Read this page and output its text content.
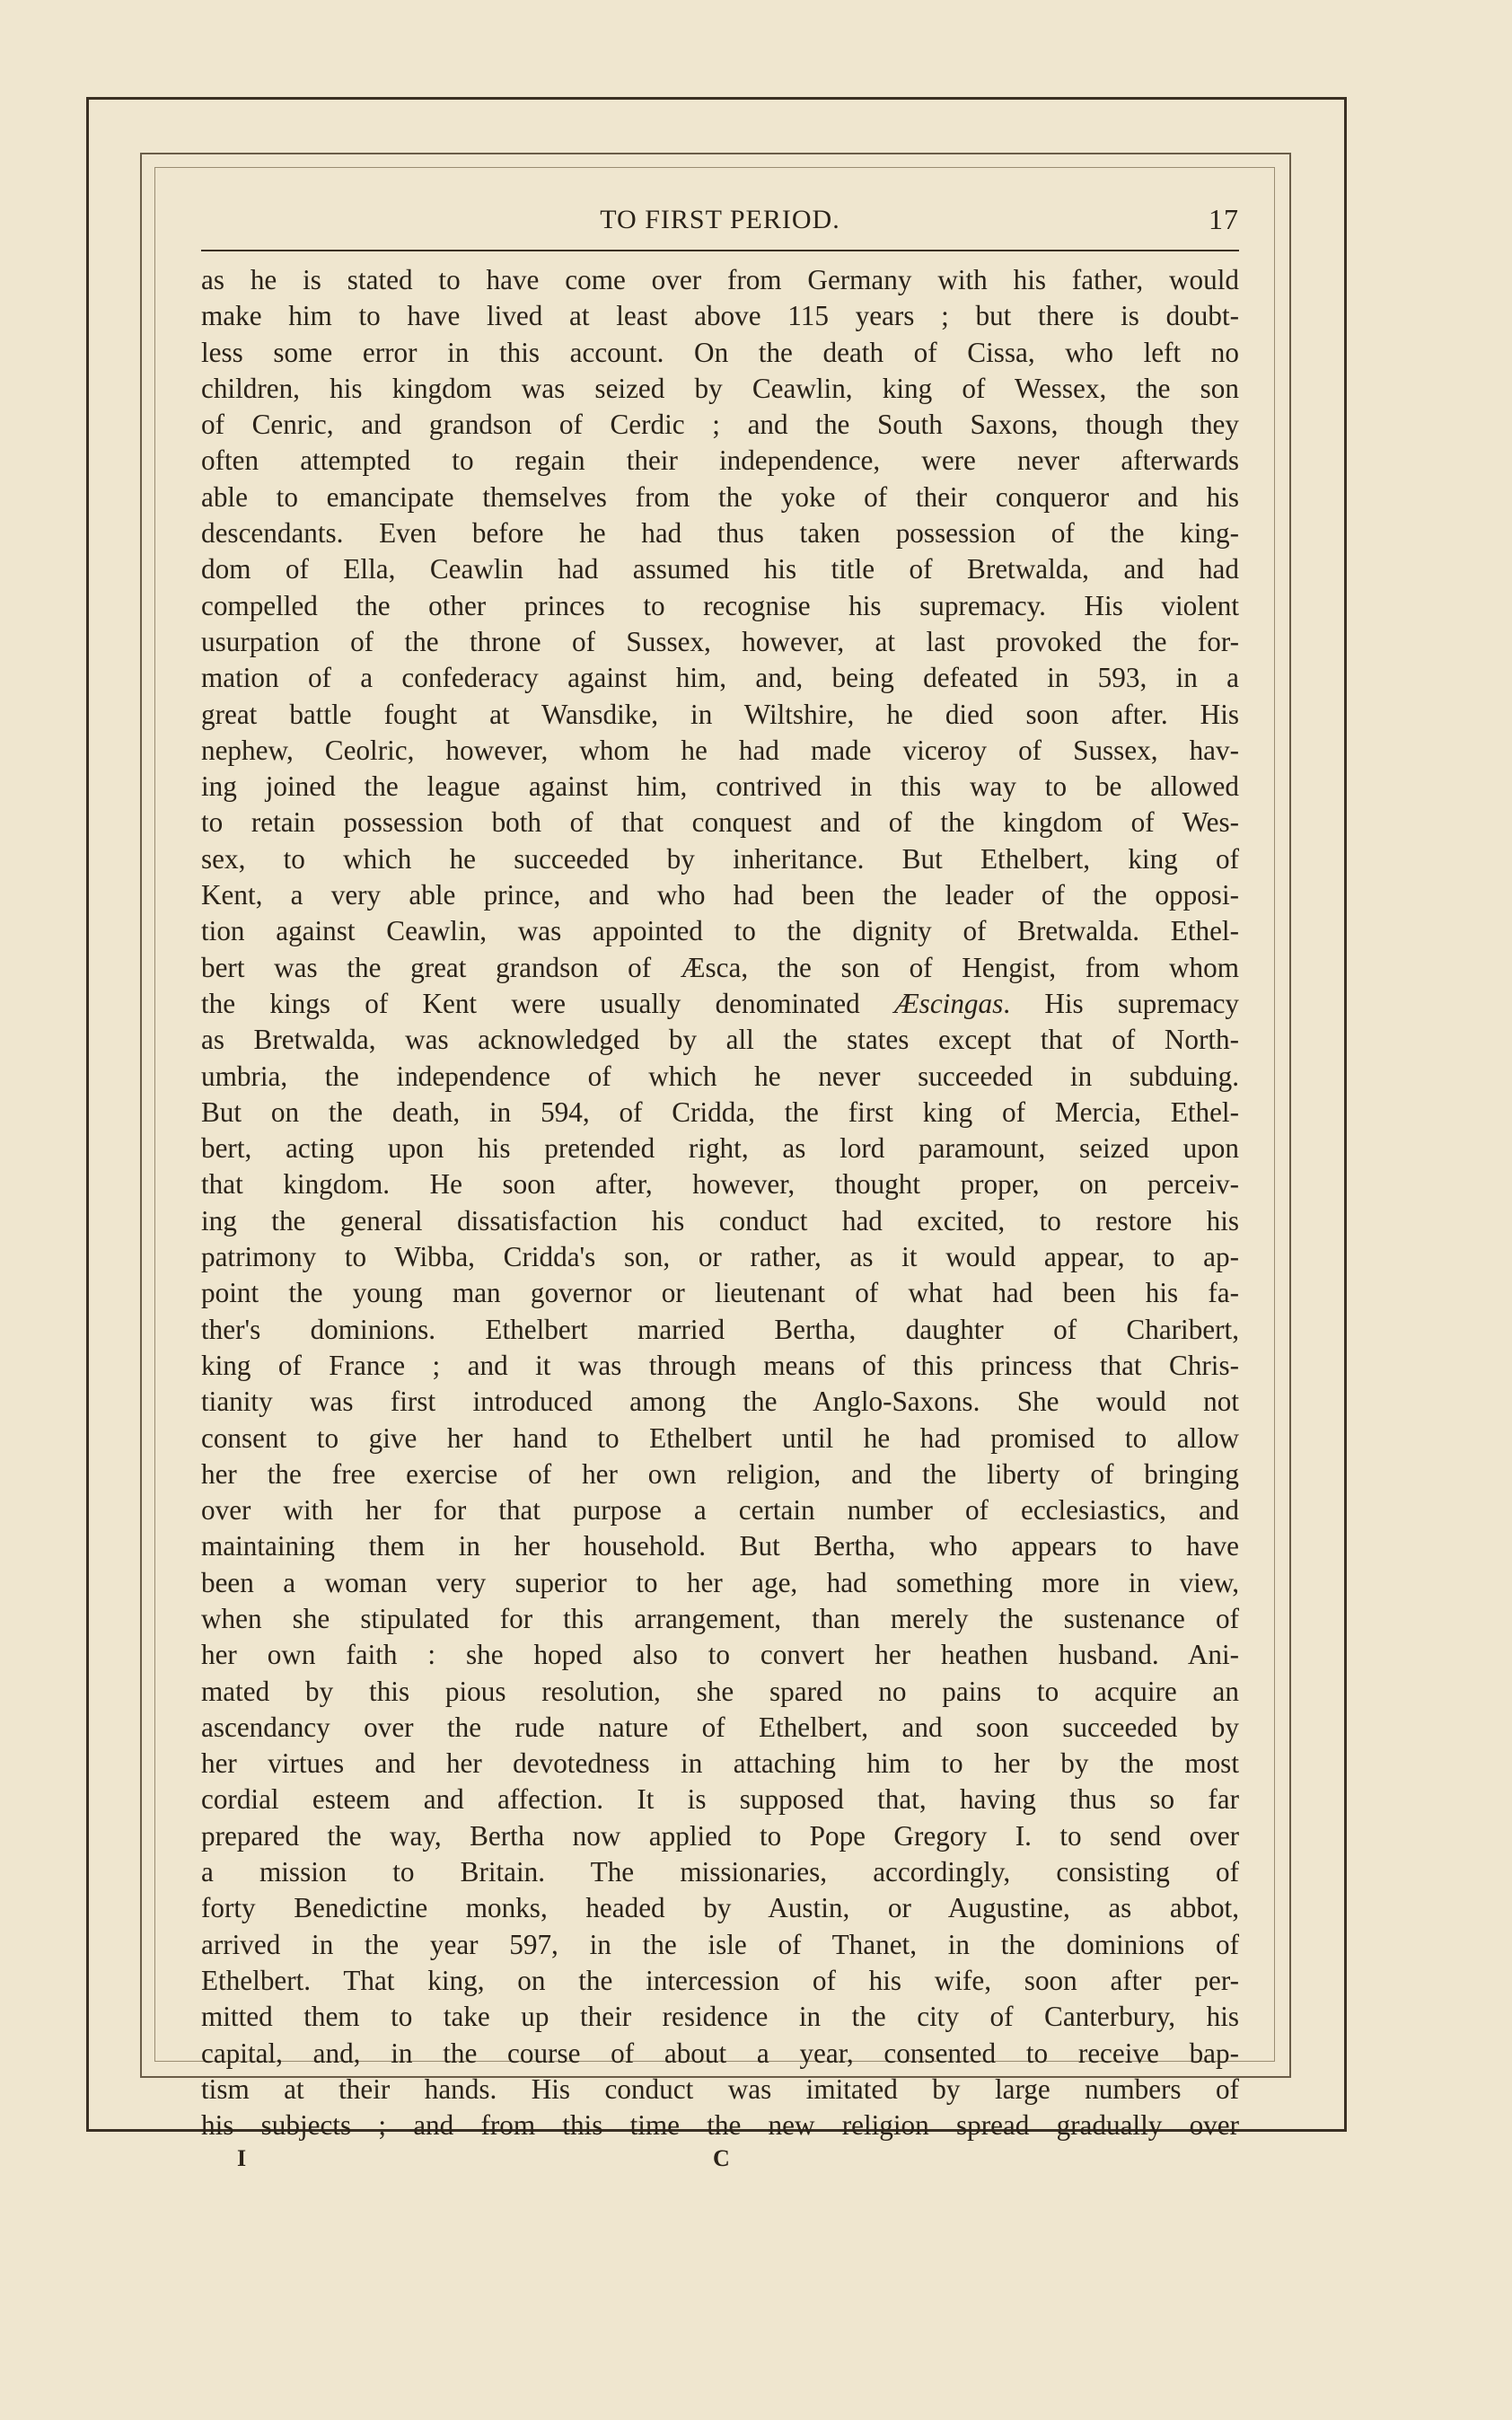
TO FIRST PERIOD.	17
as he is stated to have come over from Germany with his father, would
make him to have lived at least above 115 years ; but there is doubt-
less some error in this account. On the death of Cissa, who left no
children, his kingdom was seized by Ceawlin, king of Wessex, the son
of Cenric, and grandson of Cerdic ; and the South Saxons, though they
often attempted to regain their independence, were never afterwards
able to emancipate themselves from the yoke of their conqueror and his
descendants. Even before he had thus taken possession of the king-
dom of Ella, Ceawlin had assumed his title of Bretwalda, and had
compelled the other princes to recognise his supremacy. His violent
usurpation of the throne of Sussex, however, at last provoked the for-
mation of a confederacy against him, and, being defeated in 593, in a
great battle fought at Wansdike, in Wiltshire, he died soon after. His
nephew, Ceolric, however, whom he had made viceroy of Sussex, hav-
ing joined the league against him, contrived in this way to be allowed
to retain possession both of that conquest and of the kingdom of Wes-
sex, to which he succeeded by inheritance. But Ethelbert, king of
Kent, a very able prince, and who had been the leader of the opposi-
tion against Ceawlin, was appointed to the dignity of Bretwalda. Ethel-
bert was the great grandson of Æsca, the son of Hengist, from whom
the kings of Kent were usually denominated Æscingas. His supremacy
as Bretwalda, was acknowledged by all the states except that of North-
umbria, the independence of which he never succeeded in subduing.
But on the death, in 594, of Cridda, the first king of Mercia, Ethel-
bert, acting upon his pretended right, as lord paramount, seized upon
that kingdom. He soon after, however, thought proper, on perceiv-
ing the general dissatisfaction his conduct had excited, to restore his
patrimony to Wibba, Cridda's son, or rather, as it would appear, to ap-
point the young man governor or lieutenant of what had been his fa-
ther's dominions. Ethelbert married Bertha, daughter of Charibert,
king of France ; and it was through means of this princess that Chris-
tianity was first introduced among the Anglo-Saxons. She would not
consent to give her hand to Ethelbert until he had promised to allow
her the free exercise of her own religion, and the liberty of bringing
over with her for that purpose a certain number of ecclesiastics, and
maintaining them in her household. But Bertha, who appears to have
been a woman very superior to her age, had something more in view,
when she stipulated for this arrangement, than merely the sustenance of
her own faith : she hoped also to convert her heathen husband. Ani-
mated by this pious resolution, she spared no pains to acquire an
ascendancy over the rude nature of Ethelbert, and soon succeeded by
her virtues and her devotedness in attaching him to her by the most
cordial esteem and affection. It is supposed that, having thus so far
prepared the way, Bertha now applied to Pope Gregory I. to send over
a mission to Britain. The missionaries, accordingly, consisting of
forty Benedictine monks, headed by Austin, or Augustine, as abbot,
arrived in the year 597, in the isle of Thanet, in the dominions of
Ethelbert. That king, on the intercession of his wife, soon after per-
mitted them to take up their residence in the city of Canterbury, his
capital, and, in the course of about a year, consented to receive bap-
tism at their hands. His conduct was imitated by large numbers of
his subjects ; and from this time the new religion spread gradually over
I	C
